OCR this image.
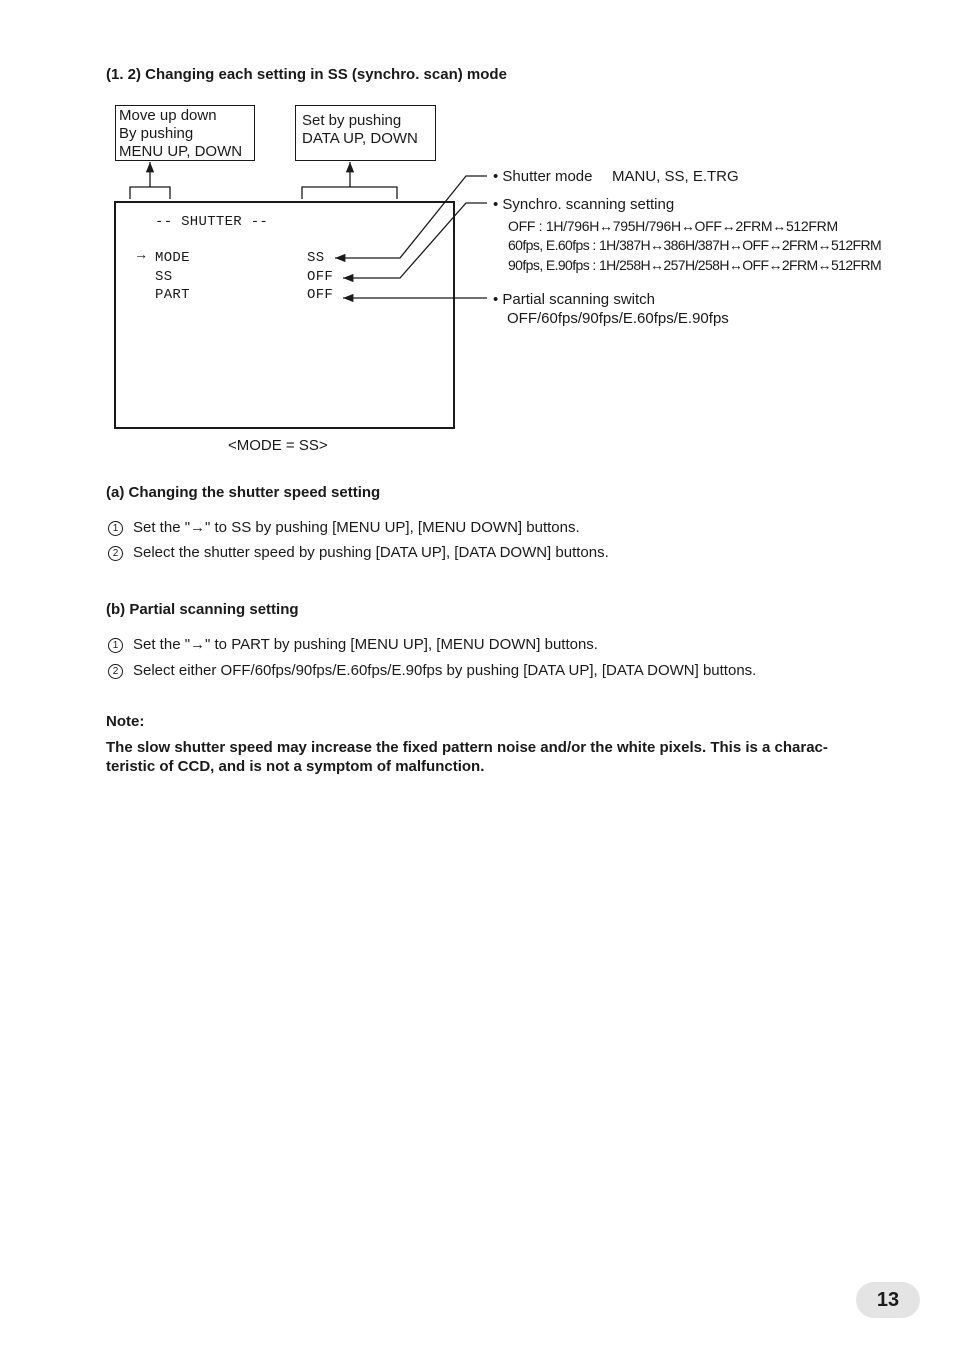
(1. 2) Changing each setting in SS (synchro. scan) mode
Move up down
By pushing
MENU UP, DOWN
Set by pushing
DATA UP, DOWN
-- SHUTTER --
→ MODE	SS
SS	OFF
PART	OFF
<MODE = SS>
• Shutter mode MANU, SS, E.TRG
• Synchro. scanning setting
OFF : 1H/796H↔795H/796H↔OFF↔2FRM↔512FRM
60fps, E.60fps : 1H/387H↔386H/387H↔OFF↔2FRM↔512FRM
90fps, E.90fps : 1H/258H↔257H/258H↔OFF↔2FRM↔512FRM
• Partial scanning switch
OFF/60fps/90fps/E.60fps/E.90fps
(a) Changing the shutter speed setting
1 Set the "→" to SS by pushing [MENU UP], [MENU DOWN] buttons.
2 Select the shutter speed by pushing [DATA UP], [DATA DOWN] buttons.
(b) Partial scanning setting
1 Set the "→" to PART by pushing [MENU UP], [MENU DOWN] buttons.
2 Select either OFF/60fps/90fps/E.60fps/E.90fps by pushing [DATA UP], [DATA DOWN] buttons.
Note:
The slow shutter speed may increase the fixed pattern noise and/or the white pixels. This is a charac-
teristic of CCD, and is not a symptom of malfunction.
13
